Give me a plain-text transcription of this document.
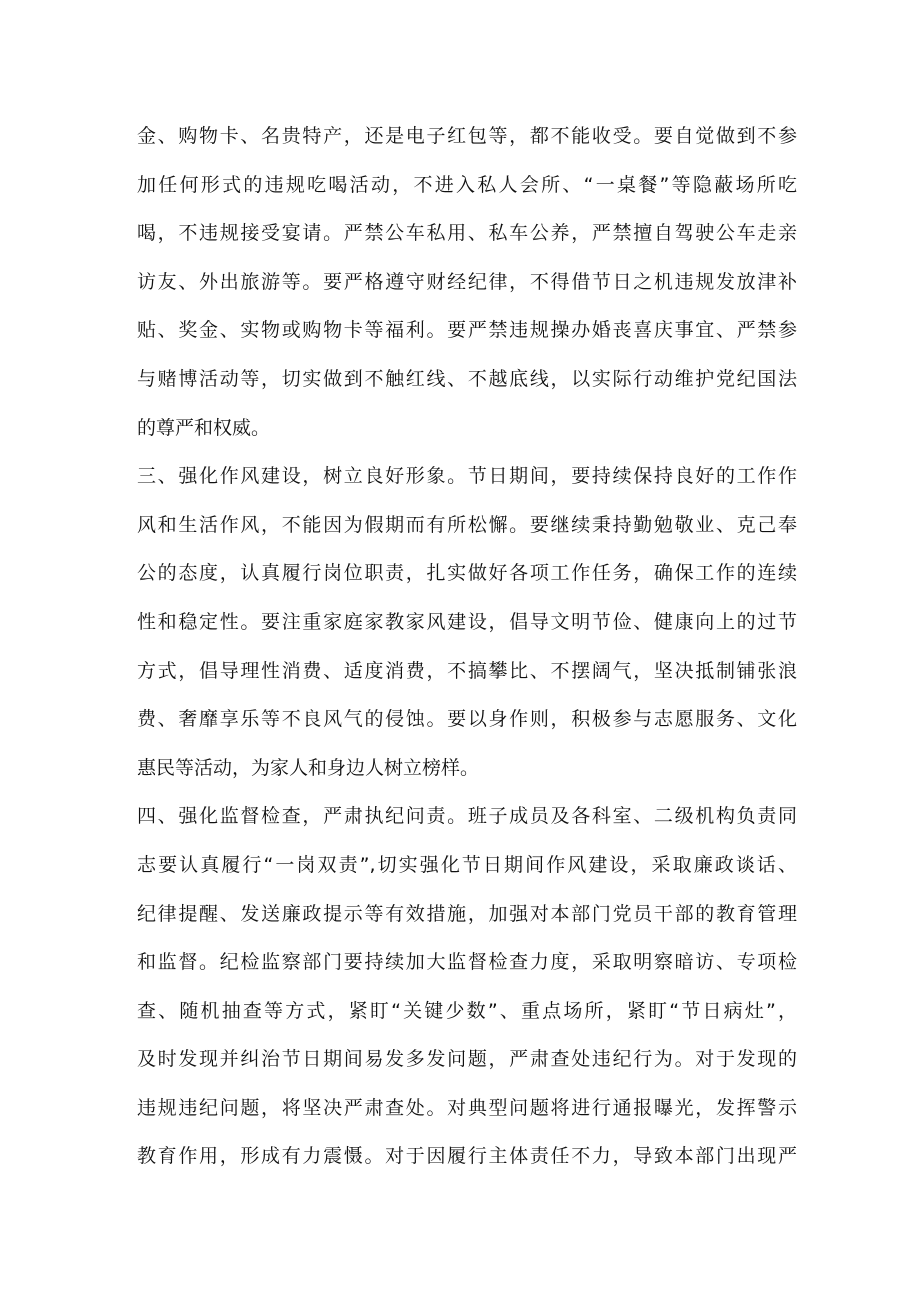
金、购物卡、名贵特产，还是电子红包等，都不能收受。要自觉做到不参
加任何形式的违规吃喝活动，不进入私人会所、“一桌餐”等隐蔽场所吃
喝，不违规接受宴请。严禁公车私用、私车公养，严禁擅自驾驶公车走亲
访友、外出旅游等。要严格遵守财经纪律，不得借节日之机违规发放津补
贴、奖金、实物或购物卡等福利。要严禁违规操办婚丧喜庆事宜、严禁参
与赌博活动等，切实做到不触红线、不越底线，以实际行动维护党纪国法
的尊严和权威。
三、强化作风建设，树立良好形象。节日期间，要持续保持良好的工作作
风和生活作风，不能因为假期而有所松懈。要继续秉持勤勉敬业、克己奉
公的态度，认真履行岗位职责，扎实做好各项工作任务，确保工作的连续
性和稳定性。要注重家庭家教家风建设，倡导文明节俭、健康向上的过节
方式，倡导理性消费、适度消费，不搞攀比、不摆阔气，坚决抵制铺张浪
费、奢靡享乐等不良风气的侵蚀。要以身作则，积极参与志愿服务、文化
惠民等活动，为家人和身边人树立榜样。
四、强化监督检查，严肃执纪问责。班子成员及各科室、二级机构负责同
志要认真履行“一岗双责”,切实强化节日期间作风建设，采取廉政谈话、
纪律提醒、发送廉政提示等有效措施，加强对本部门党员干部的教育管理
和监督。纪检监察部门要持续加大监督检查力度，采取明察暗访、专项检
查、随机抽查等方式，紧盯“关键少数”、重点场所，紧盯“节日病灶”，
及时发现并纠治节日期间易发多发问题，严肃查处违纪行为。对于发现的
违规违纪问题，将坚决严肃查处。对典型问题将进行通报曝光，发挥警示
教育作用，形成有力震慑。对于因履行主体责任不力，导致本部门出现严
